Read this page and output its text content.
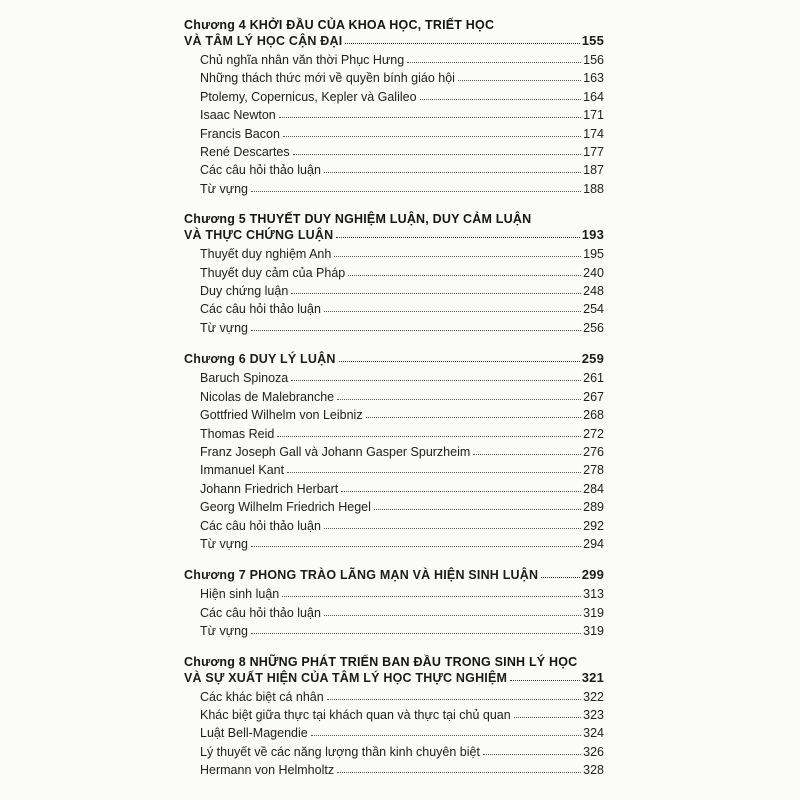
Chương 4 KHỞI ĐẦU CỦA KHOA HỌC, TRIẾT HỌC
VÀ TÂM LÝ HỌC CẬN ĐẠI	155
Chủ nghĩa nhân văn thời Phục Hưng	156
Những thách thức mới về quyền bính giáo hội	163
Ptolemy, Copernicus, Kepler và Galileo	164
Isaac Newton	171
Francis Bacon	174
René Descartes	177
Các câu hỏi thảo luận	187
Từ vựng	188
Chương 5 THUYẾT DUY NGHIỆM LUẬN, DUY CẢM LUẬN
VÀ THỰC CHỨNG LUẬN	193
Thuyết duy nghiệm Anh	195
Thuyết duy cảm của Pháp	240
Duy chứng luận	248
Các câu hỏi thảo luận	254
Từ vựng	256
Chương 6 DUY LÝ LUẬN	259
Baruch Spinoza	261
Nicolas de Malebranche	267
Gottfried Wilhelm von Leibniz	268
Thomas Reid	272
Franz Joseph Gall và Johann Gasper Spurzheim	276
Immanuel Kant	278
Johann Friedrich Herbart	284
Georg Wilhelm Friedrich Hegel	289
Các câu hỏi thảo luận	292
Từ vựng	294
Chương 7 PHONG TRÀO LÃNG MẠN VÀ HIỆN SINH LUẬN	299
Hiện sinh luận	313
Các câu hỏi thảo luận	319
Từ vựng	319
Chương 8 NHỮNG PHÁT TRIỂN BAN ĐẦU TRONG SINH LÝ HỌC
VÀ SỰ XUẤT HIỆN CỦA TÂM LÝ HỌC THỰC NGHIỆM	321
Các khác biệt cá nhân	322
Khác biệt giữa thực tại khách quan và thực tại chủ quan	323
Luật Bell-Magendie	324
Lý thuyết về các năng lượng thần kinh chuyên biệt	326
Hermann von Helmholtz	328
